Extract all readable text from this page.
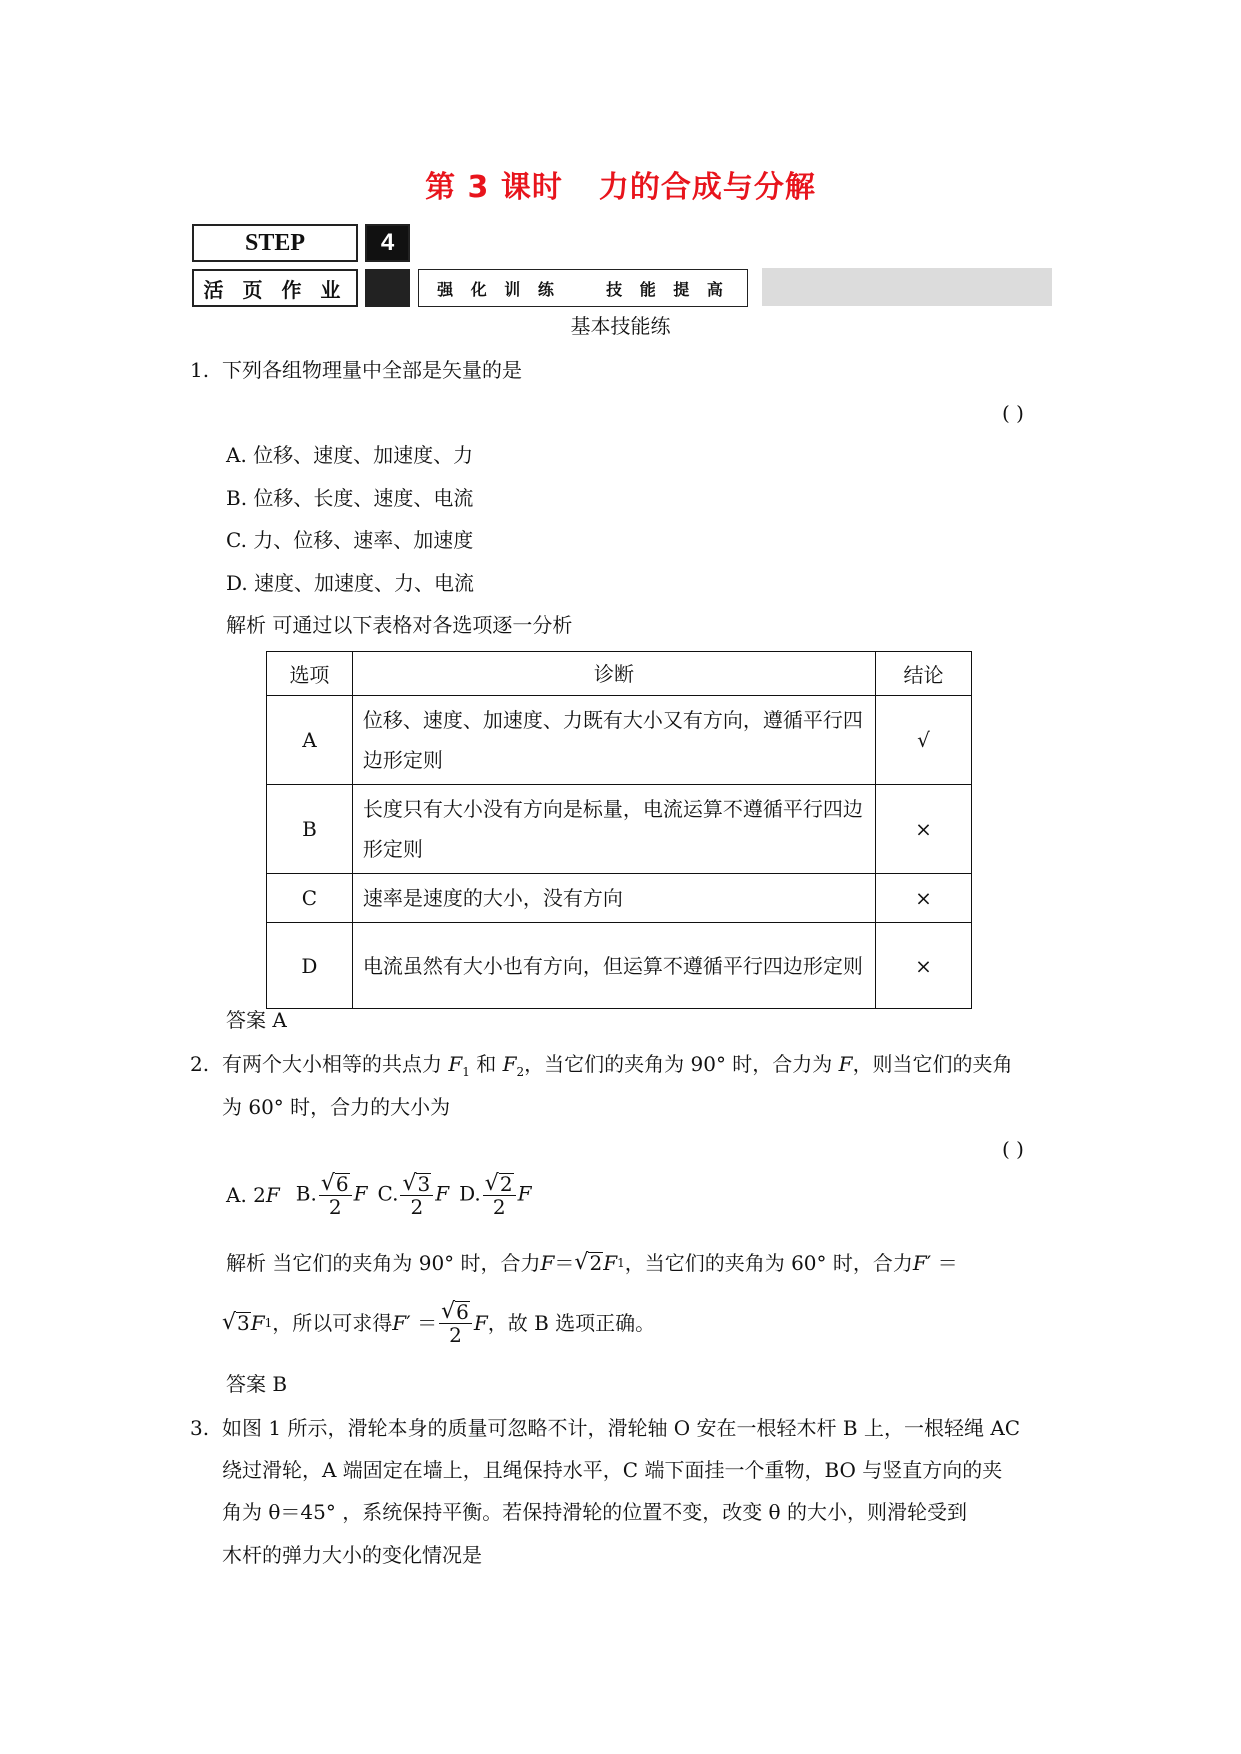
第 3 课时 力的合成与分解
STEP	4
活 页 作 业	强 化 训 练    技 能 提 高
基本技能练
1. 下列各组物理量中全部是矢量的是
( )
A. 位移、速度、加速度、力
B. 位移、长度、速度、电流
C. 力、位移、速率、加速度
D. 速度、加速度、力、电流
解析 可通过以下表格对各选项逐一分析
选项	诊断	结论
A	位移、速度、加速度、力既有大小又有方向，遵循平行四边形定则	√
B	长度只有大小没有方向是标量，电流运算不遵循平行四边形定则	×
C	速率是速度的大小，没有方向	×
D	电流虽然有大小也有方向，但运算不遵循平行四边形定则	×
答案 A
2. 有两个大小相等的共点力 $F_1$ 和 $F_2$，当它们的夹角为 90° 时，合力为 F，则当它们的夹角
为 60° 时，合力的大小为
( )
A. 2F B. $\frac{√ 6}{2}$ F C. $\frac{√ 3}{2}$ F D. $\frac{√ 2}{2}$ F
解析 当它们的夹角为 90° 时，合力 F ＝ √ 2 F 1 ，当它们的夹角为 60° 时，合力 F ′ ＝
√ 3 F 1 ，所以可求得 F ′ ＝ $\frac{√ 6}{2}$ F ，故 B 选项正确。
答案 B
3. 如图 1 所示，滑轮本身的质量可忽略不计，滑轮轴 O 安在一根轻木杆 B 上，一根轻绳 AC
绕过滑轮，A 端固定在墙上，且绳保持水平，C 端下面挂一个重物，BO 与竖直方向的夹
角为 θ＝45° ，系统保持平衡。若保持滑轮的位置不变，改变 θ 的大小，则滑轮受到
木杆的弹力大小的变化情况是
